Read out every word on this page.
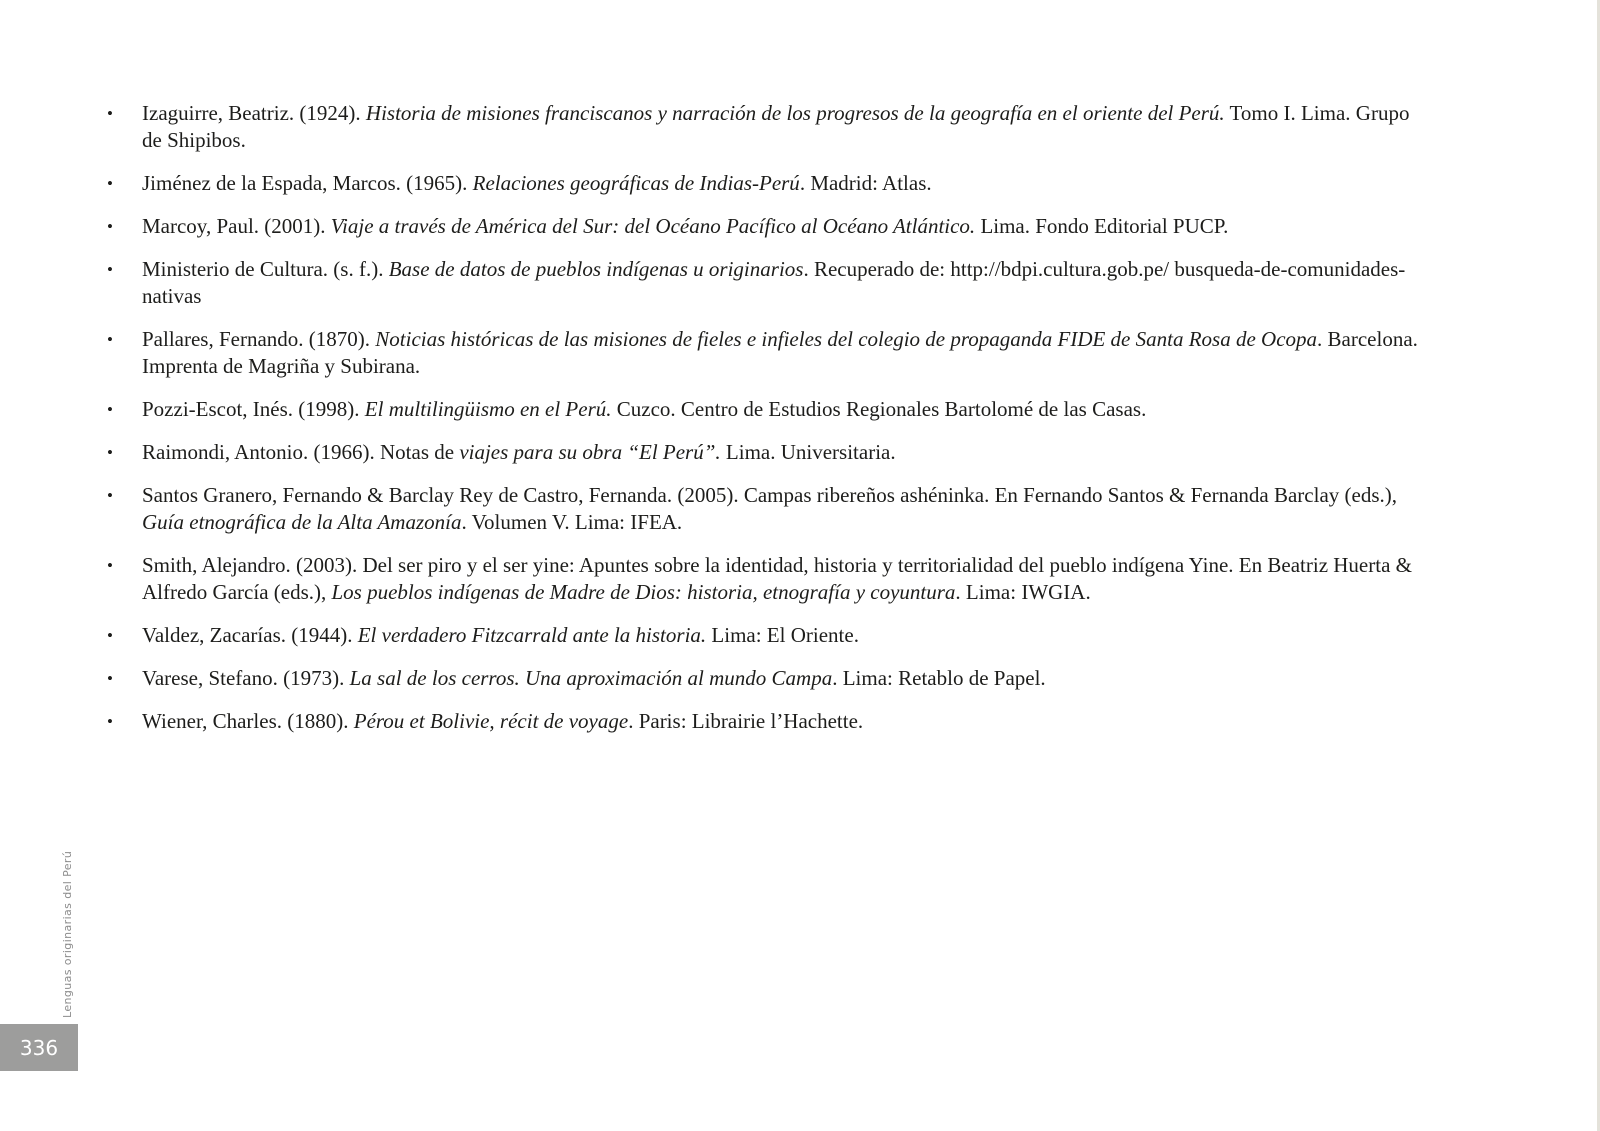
• Izaguirre, Beatriz. (1924). Historia de misiones franciscanos y narración de los progresos de la geografía en el oriente del Perú. Tomo I. Lima. Grupo de Shipibos.
• Jiménez de la Espada, Marcos. (1965). Relaciones geográficas de Indias-Perú. Madrid: Atlas.
• Marcoy, Paul. (2001). Viaje a través de América del Sur: del Océano Pacífico al Océano Atlántico. Lima. Fondo Editorial PUCP.
• Ministerio de Cultura. (s. f.). Base de datos de pueblos indígenas u originarios. Recuperado de: http://bdpi.cultura.gob.pe/ busqueda-de-comunidades-nativas
• Pallares, Fernando. (1870). Noticias históricas de las misiones de fieles e infieles del colegio de propaganda FIDE de Santa Rosa de Ocopa. Barcelona. Imprenta de Magriña y Subirana.
• Pozzi-Escot, Inés. (1998). El multilingüismo en el Perú. Cuzco. Centro de Estudios Regionales Bartolomé de las Casas.
• Raimondi, Antonio. (1966). Notas de viajes para su obra “El Perú”. Lima. Universitaria.
• Santos Granero, Fernando & Barclay Rey de Castro, Fernanda. (2005). Campas ribereños ashéninka. En Fernando Santos & Fernanda Barclay (eds.), Guía etnográfica de la Alta Amazonía. Volumen V. Lima: IFEA.
• Smith, Alejandro. (2003). Del ser piro y el ser yine: Apuntes sobre la identidad, historia y territorialidad del pueblo indígena Yine. En Beatriz Huerta & Alfredo García (eds.), Los pueblos indígenas de Madre de Dios: historia, etnografía y coyuntura. Lima: IWGIA.
• Valdez, Zacarías. (1944). El verdadero Fitzcarrald ante la historia. Lima: El Oriente.
• Varese, Stefano. (1973). La sal de los cerros. Una aproximación al mundo Campa. Lima: Retablo de Papel.
• Wiener, Charles. (1880). Pérou et Bolivie, récit de voyage. Paris: Librairie l’Hachette.
Lenguas originarias del Perú
336
